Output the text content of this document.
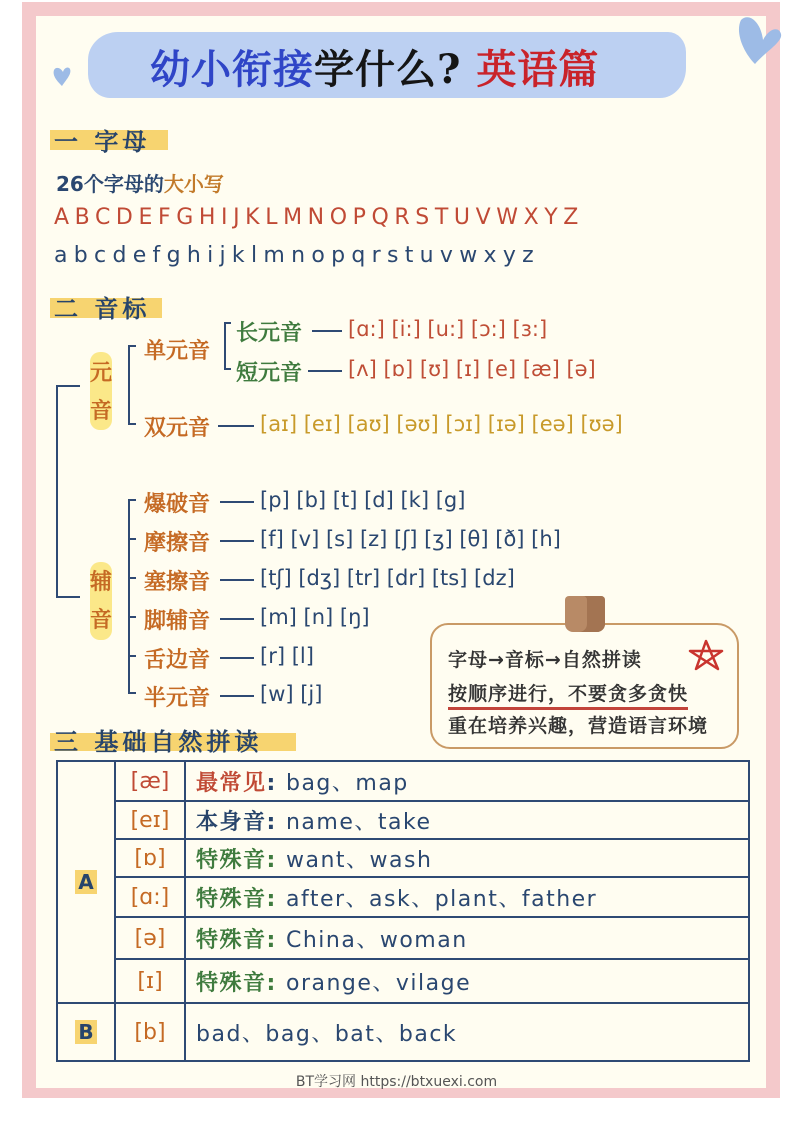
幼小衔接学什么? 英语篇
一 字母
26个字母的大小写
ABCDEFGHIJKLMNOPQRSTUVWXYZ
abcdefghijklmnopqrstuvwxyz
二 音标
元
音
单元音
长元音 [ɑ:] [i:] [u:] [ɔ:] [ɜ:]
短元音 [ʌ] [ɒ] [ʊ] [ɪ] [e] [æ] [ə]
双元音 [aɪ] [eɪ] [aʊ] [əʊ] [ɔɪ] [ɪə] [eə] [ʊə]
辅
音
爆破音 [p] [b] [t] [d] [k] [g]
摩擦音 [f] [v] [s] [z] [ʃ] [ʒ] [θ] [ð] [h]
塞擦音 [tʃ] [dʒ] [tr] [dr] [ts] [dz]
脚辅音 [m] [n] [ŋ]
舌边音 [r] [l]
半元音 [w] [j]
字母→音标→自然拼读
按顺序进行，不要贪多贪快
重在培养兴趣，营造语言环境
三 基础自然拼读
A	[æ]	最常见: bag、map
	[eɪ]	本身音: name、take
	[ɒ]	特殊音: want、wash
	[ɑ:]	特殊音: after、ask、plant、father
	[ə]	特殊音: China、woman
	[ɪ]	特殊音: orange、vilage
B	[b]	bad、bag、bat、back
BT学习网 https://btxuexi.com
